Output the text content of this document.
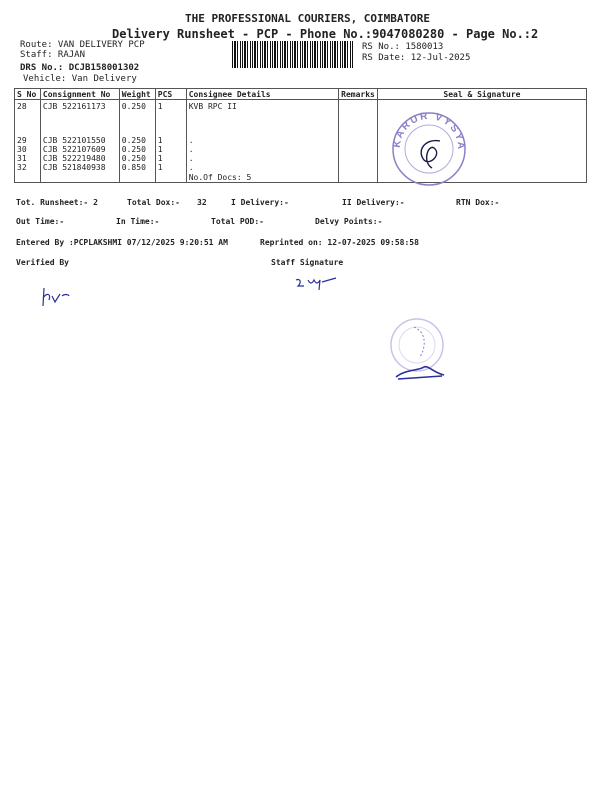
THE PROFESSIONAL COURIERS, COIMBATORE
Delivery Runsheet - PCP - Phone No.:9047080280 - Page No.:2
Route: VAN DELIVERY PCP
Staff: RAJAN
DRS No.: DCJB158001302
Vehicle: Van Delivery
RS No.: 1580013
RS Date: 12-Jul-2025
S No	Consignment No	Weight	PCS	Consignee Details	Remarks	Seal & Signature
28	CJB 522161173	0.250	1	KVB RPC II		

29	CJB 522101550	0.250	1	.		
30	CJB 522107609	0.250	1	.		
31	CJB 522219480	0.250	1	.		
32	CJB 521840938	0.850	1	.		
				No.Of Docs: 5		
KARUR VYSYA
Tot. Runsheet:- 2	Total Dox:- 32	I Delivery:-	II Delivery:-	RTN Dox:-
Out Time:-	In Time:-	Total POD:-	Delvy Points:-
Entered By :PCPLAKSHMI 07/12/2025 9:20:51 AM	Reprinted on: 12-07-2025 09:58:58
Verified By	Staff Signature
